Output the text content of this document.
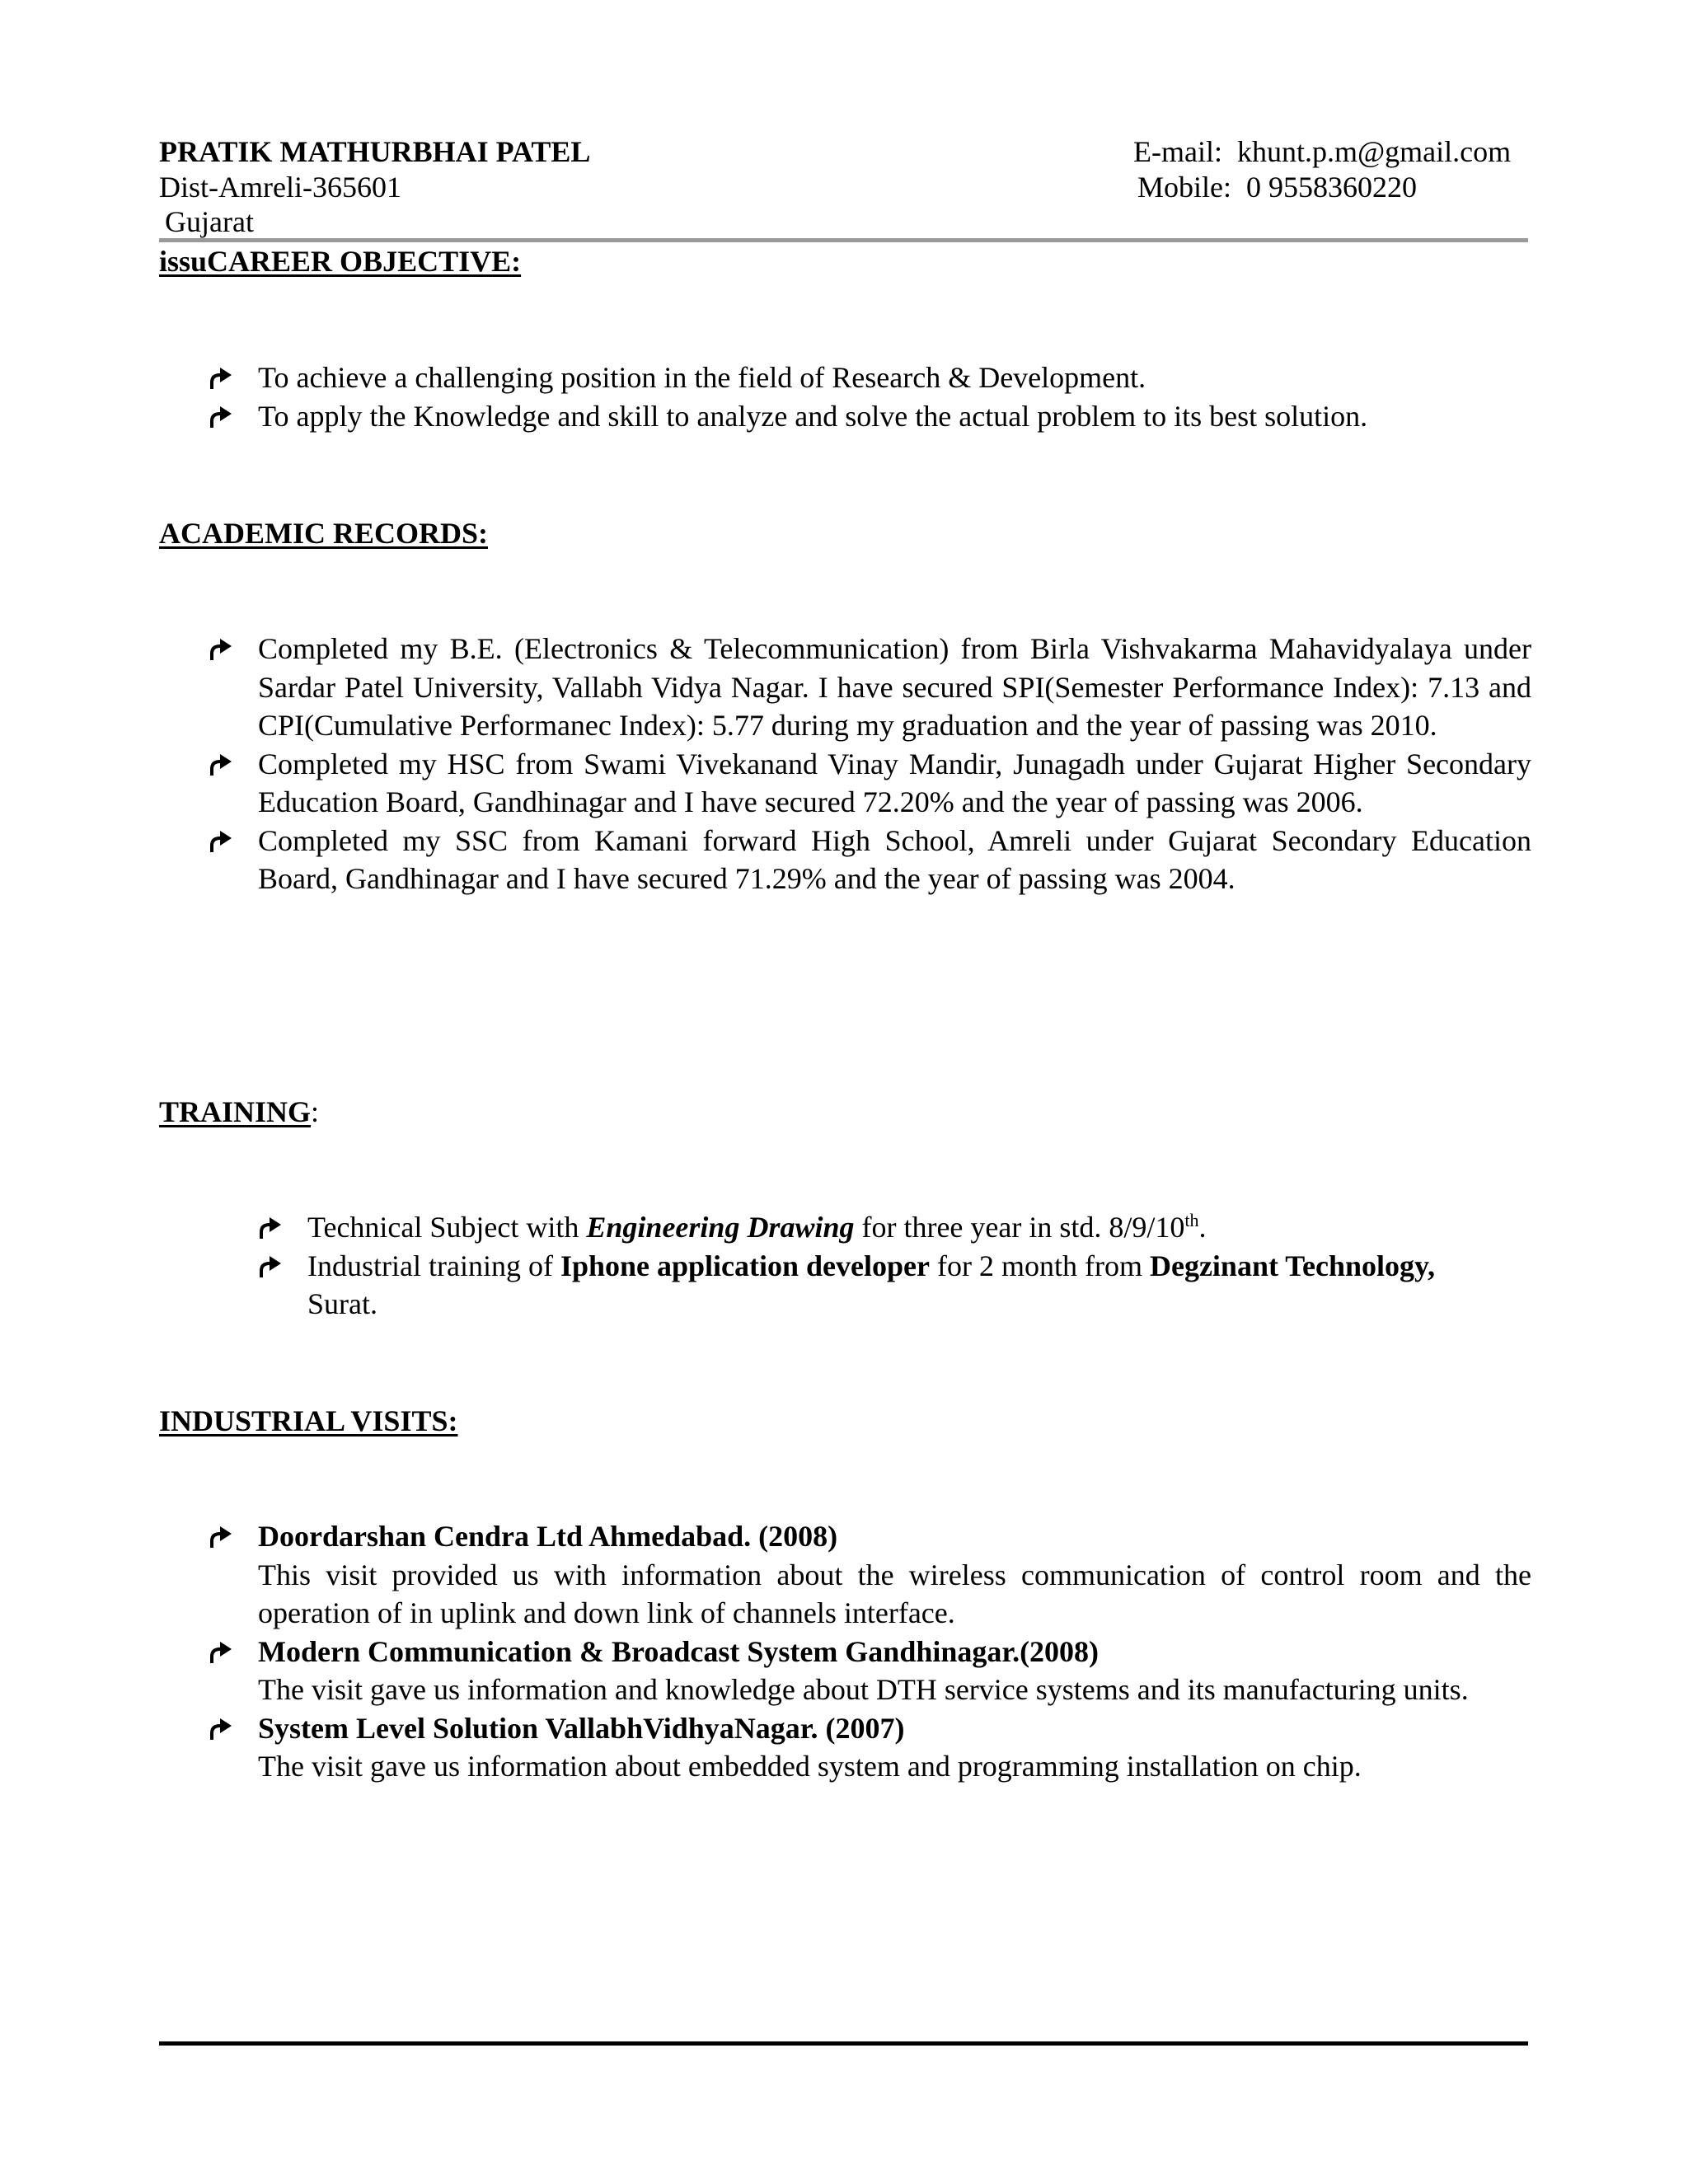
PRATIK MATHURBHAI PATEL
Dist-Amreli-365601
Gujarat
E-mail: khunt.p.m@gmail.com
Mobile: 0 9558360220
issuCAREER OBJECTIVE:
To achieve a challenging position in the field of Research & Development.
To apply the Knowledge and skill to analyze and solve the actual problem to its best solution.
ACADEMIC RECORDS:
Completed my B.E. (Electronics & Telecommunication) from Birla Vishvakarma Mahavidyalaya under Sardar Patel University, Vallabh Vidya Nagar. I have secured SPI(Semester Performance Index): 7.13 and CPI(Cumulative Performanec Index): 5.77 during my graduation and the year of passing was 2010.
Completed my HSC from Swami Vivekanand Vinay Mandir, Junagadh under Gujarat Higher Secondary Education Board, Gandhinagar and I have secured 72.20% and the year of passing was 2006.
Completed my SSC from Kamani forward High School, Amreli under Gujarat Secondary Education Board, Gandhinagar and I have secured 71.29% and the year of passing was 2004.
TRAINING:
Technical Subject with Engineering Drawing for three year in std. 8/9/10th.
Industrial training of Iphone application developer for 2 month from Degzinant Technology, Surat.
INDUSTRIAL VISITS:
Doordarshan Cendra Ltd Ahmedabad. (2008)
This visit provided us with information about the wireless communication of control room and the operation of in uplink and down link of channels interface.
Modern Communication & Broadcast System Gandhinagar.(2008)
The visit gave us information and knowledge about DTH service systems and its manufacturing units.
System Level Solution VallabhVidhyaNagar. (2007)
The visit gave us information about embedded system and programming installation on chip.
